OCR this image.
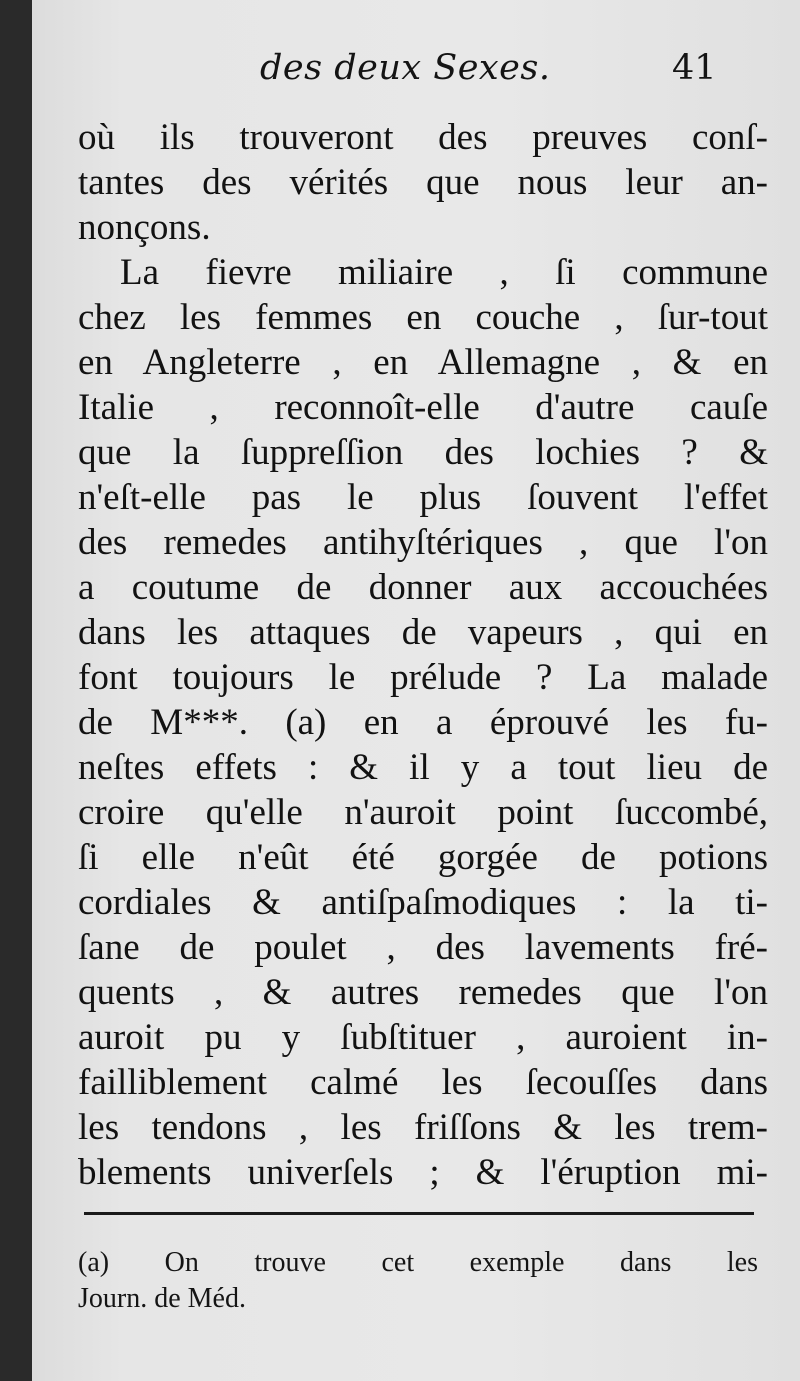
des deux Sexes.	41
où ils trouveront des preuves conſ-
tantes des vérités que nous leur an-
nonçons.
La fievre miliaire , ſi commune
chez les femmes en couche , ſur-tout
en Angleterre , en Allemagne , & en
Italie , reconnoît-elle d'autre cauſe
que la ſuppreſſion des lochies ? &
n'eſt-elle pas le plus ſouvent l'effet
des remedes antihyſtériques , que l'on
a coutume de donner aux accouchées
dans les attaques de vapeurs , qui en
font toujours le prélude ? La malade
de M***. (a) en a éprouvé les fu-
neſtes effets : & il y a tout lieu de
croire qu'elle n'auroit point ſuccombé,
ſi elle n'eût été gorgée de potions
cordiales & antiſpaſmodiques : la ti-
ſane de poulet , des lavements fré-
quents , & autres remedes que l'on
auroit pu y ſubſtituer , auroient in-
failliblement calmé les ſecouſſes dans
les tendons , les friſſons & les trem-
blements univerſels ; & l'éruption mi-
(a) On trouve cet exemple dans les
Journ. de Méd.
